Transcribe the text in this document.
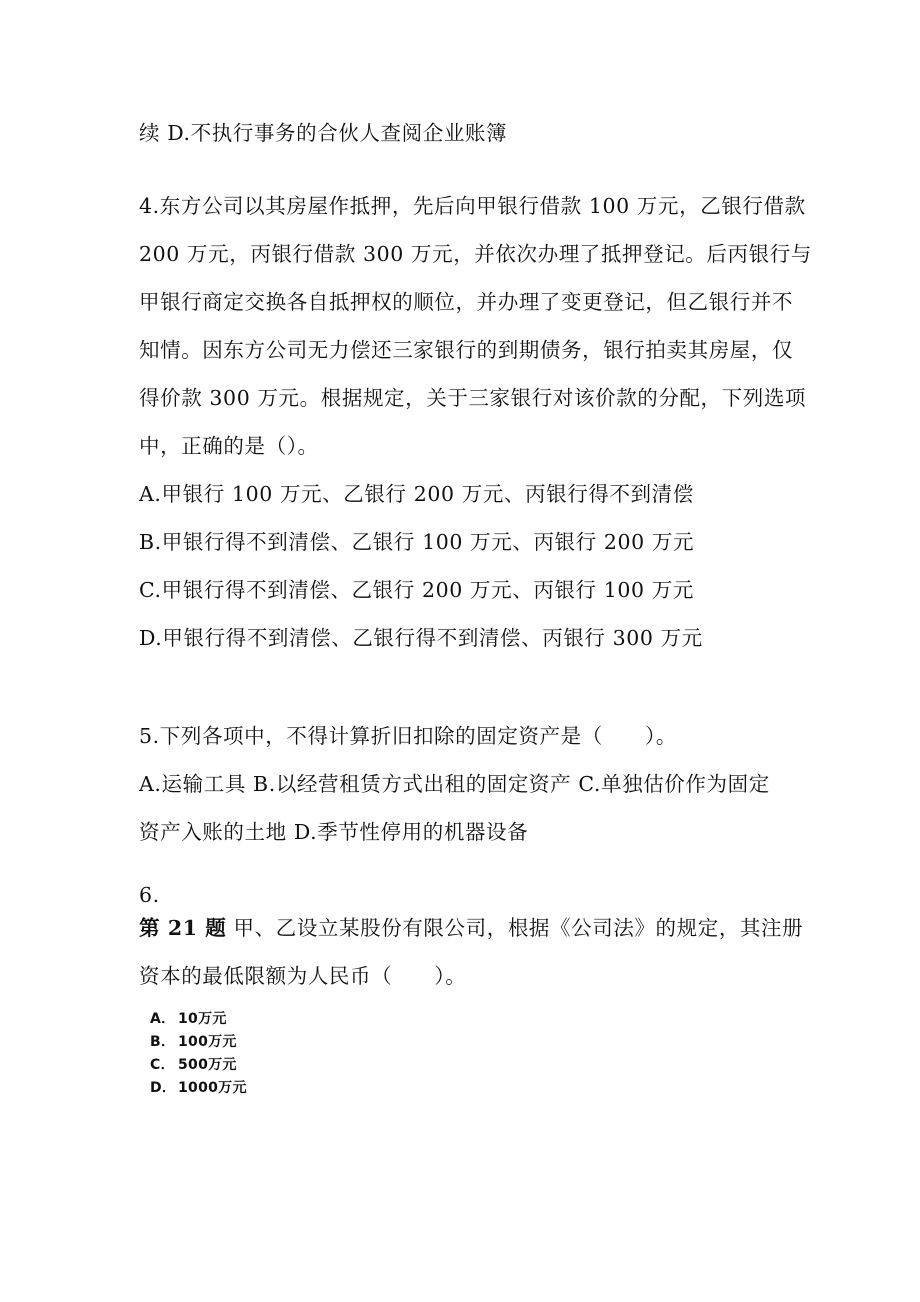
续 D.不执行事务的合伙人查阅企业账簿
4.东方公司以其房屋作抵押，先后向甲银行借款 100 万元，乙银行借款
200 万元，丙银行借款 300 万元，并依次办理了抵押登记。后丙银行与
甲银行商定交换各自抵押权的顺位，并办理了变更登记，但乙银行并不
知情。因东方公司无力偿还三家银行的到期债务，银行拍卖其房屋，仅
得价款 300 万元。根据规定，关于三家银行对该价款的分配，下列选项
中，正确的是（）。
A.甲银行 100 万元、乙银行 200 万元、丙银行得不到清偿
B.甲银行得不到清偿、乙银行 100 万元、丙银行 200 万元
C.甲银行得不到清偿、乙银行 200 万元、丙银行 100 万元
D.甲银行得不到清偿、乙银行得不到清偿、丙银行 300 万元
5.下列各项中，不得计算折旧扣除的固定资产是（　　）。
A.运输工具 B.以经营租赁方式出租的固定资产 C.单独估价作为固定
资产入账的土地 D.季节性停用的机器设备
6.
第 21 题 甲、乙设立某股份有限公司，根据《公司法》的规定，其注册
资本的最低限额为人民币（　　）。
A． 10万元
B． 100万元
C． 500万元
D． 1000万元
